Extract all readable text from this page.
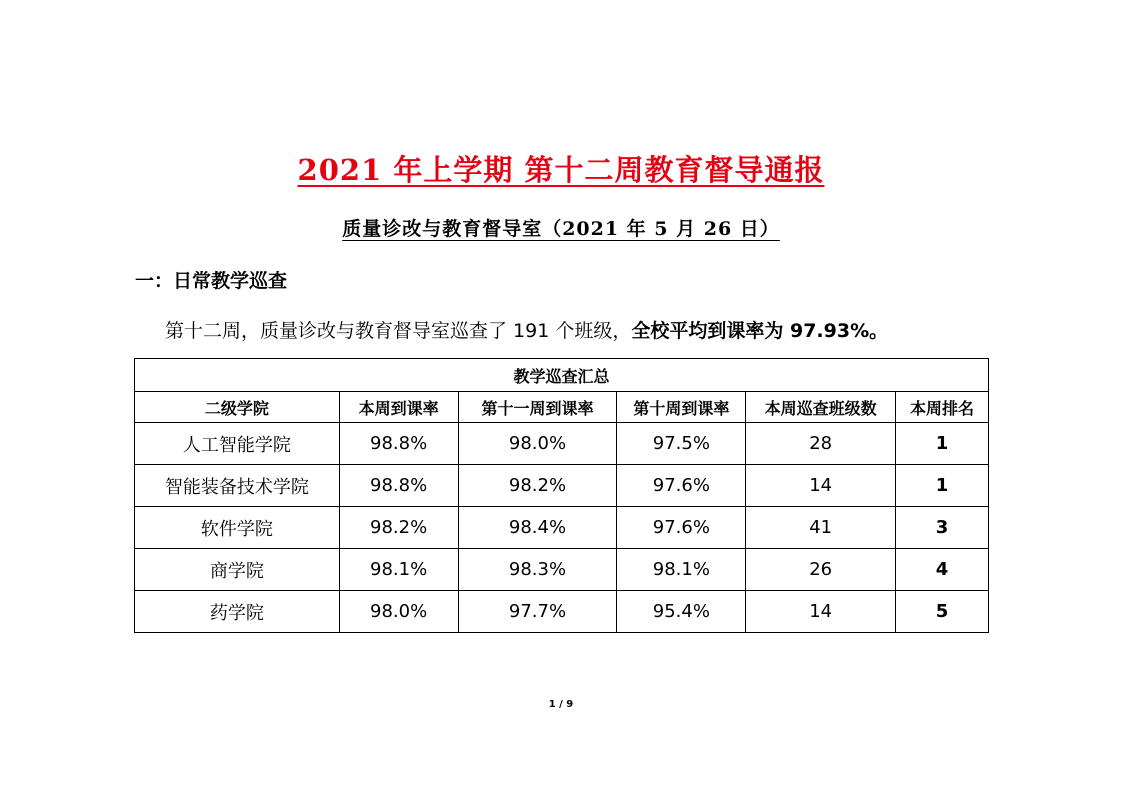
2021 年上学期 第十二周教育督导通报
质量诊改与教育督导室（2021 年 5 月 26 日）
一：日常教学巡查
第十二周，质量诊改与教育督导室巡查了 191 个班级，全校平均到课率为 97.93%。
教学巡查汇总					
二级学院	本周到课率	第十一周到课率	第十周到课率	本周巡查班级数	本周排名
人工智能学院	98.8%	98.0%	97.5%	28	1
智能装备技术学院	98.8%	98.2%	97.6%	14	1
软件学院	98.2%	98.4%	97.6%	41	3
商学院	98.1%	98.3%	98.1%	26	4
药学院	98.0%	97.7%	95.4%	14	5
1 / 9
